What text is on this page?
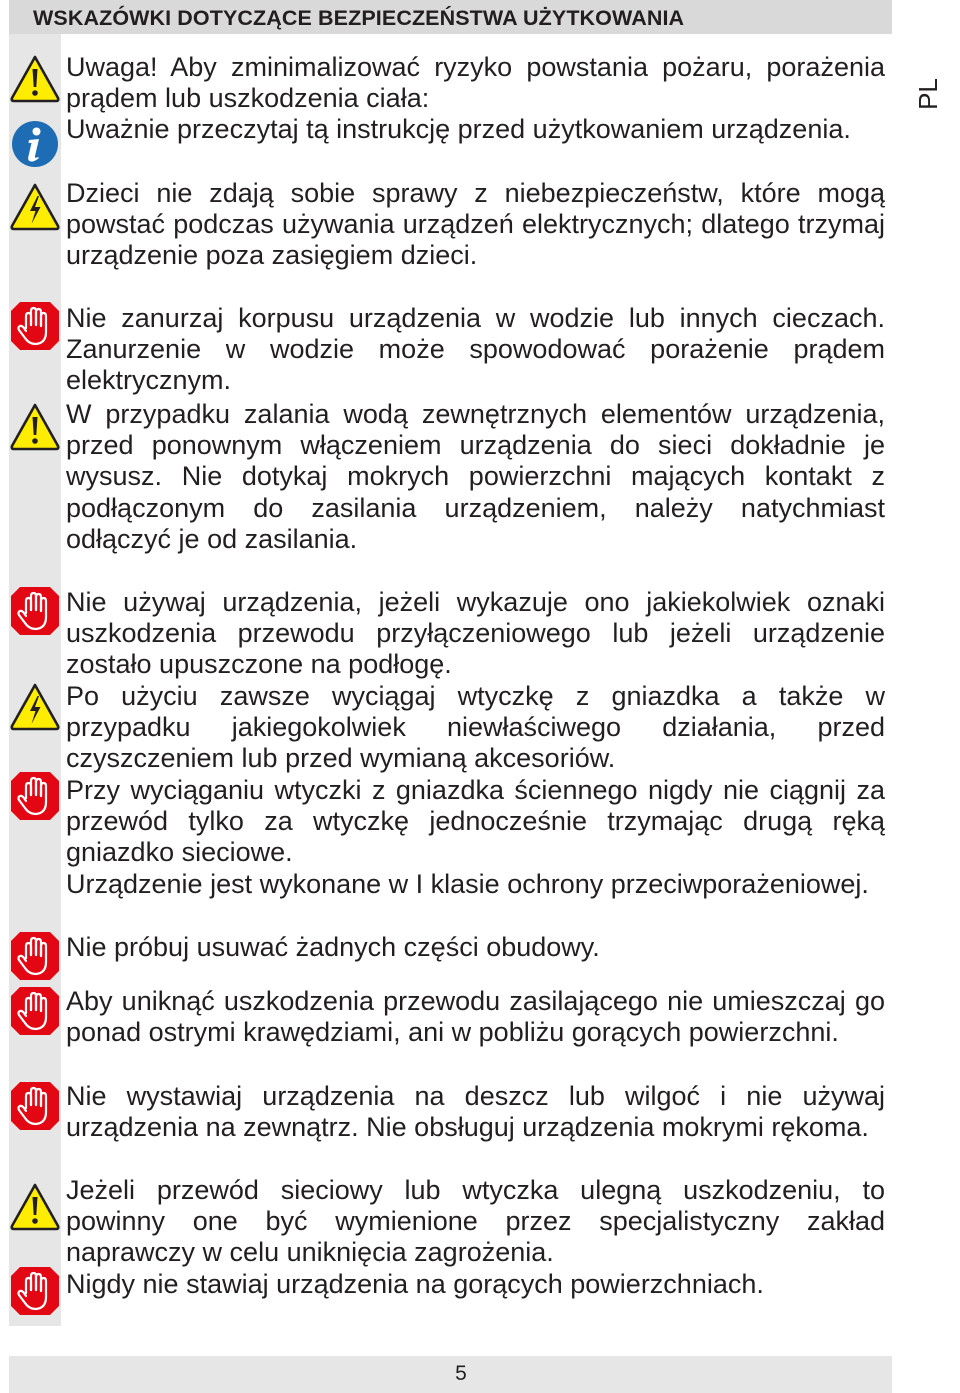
WSKAZÓWKI DOTYCZĄCE BEZPIECZEŃSTWA UŻYTKOWANIA
PL

Uwaga! Aby zminimalizować ryzyko powstania pożaru, porażenia prądem lub uszkodzenia ciała:

Uważnie przeczytaj tą instrukcję przed użytkowaniem urządzenia.

Dzieci nie zdają sobie sprawy z niebezpieczeństw, które mogą powstać podczas używania urządzeń elektrycznych; dlatego trzymaj urządzenie poza zasięgiem dzieci.

Nie zanurzaj korpusu urządzenia w wodzie lub innych cieczach. Zanurzenie w wodzie może spowodować porażenie prądem elektrycznym.

W przypadku zalania wodą zewnętrznych elementów urządzenia, przed ponownym włączeniem urządzenia do sieci dokładnie je wysusz. Nie dotykaj mokrych powierzchni mających kontakt z podłączonym do zasilania urządzeniem, należy natychmiast odłączyć je od zasilania.

Nie używaj urządzenia, jeżeli wykazuje ono jakiekolwiek oznaki uszkodzenia przewodu przyłączeniowego lub jeżeli urządzenie zostało upuszczone na podłogę.

Po użyciu zawsze wyciągaj wtyczkę z gniazdka a także w przypadku jakiegokolwiek niewłaściwego działania, przed czyszczeniem lub przed wymianą akcesoriów.

Przy wyciąganiu wtyczki z gniazdka ściennego nigdy nie ciągnij za przewód tylko za wtyczkę jednocześnie trzymając drugą ręką gniazdko sieciowe.

Urządzenie jest wykonane w I klasie ochrony przeciwporażeniowej.

Nie próbuj usuwać żadnych części obudowy.

Aby uniknąć uszkodzenia przewodu zasilającego nie umieszczaj go ponad ostrymi krawędziami, ani w pobliżu gorących powierzchni.

Nie wystawiaj urządzenia na deszcz lub wilgoć i nie używaj urządzenia na zewnątrz. Nie obsługuj urządzenia mokrymi rękoma.

Jeżeli przewód sieciowy lub wtyczka ulegną uszkodzeniu, to powinny one być wymienione przez specjalistyczny zakład naprawczy w celu uniknięcia zagrożenia.

Nigdy nie stawiaj urządzenia na gorących powierzchniach.

5
